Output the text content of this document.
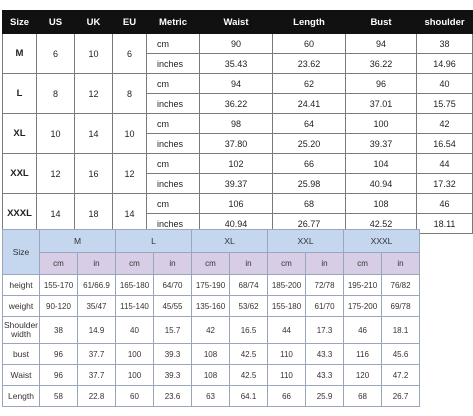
Size	US	UK	EU	Metric	Waist	Length	Bust	shoulder
M	6	10	6	cm	90	60	94	38
				inches	35.43	23.62	36.22	14.96
L	8	12	8	cm	94	62	96	40
				inches	36.22	24.41	37.01	15.75
XL	10	14	10	cm	98	64	100	42
				inches	37.80	25.20	39.37	16.54
XXL	12	16	12	cm	102	66	104	44
				inches	39.37	25.98	40.94	17.32
XXXL	14	18	14	cm	106	68	108	46
				inches	40.94	26.77	42.52	18.11
Size	M		L		XL		XXL		XXXL	
	cm	in	cm	in	cm	in	cm	in	cm	in
height	155-170	61/66.9	165-180	64/70	175-190	68/74	185-200	72/78	195-210	76/82
weight	90-120	35/47	115-140	45/55	135-160	53/62	155-180	61/70	175-200	69/78
Shoulder width	38	14.9	40	15.7	42	16.5	44	17.3	46	18.1
bust	96	37.7	100	39.3	108	42.5	110	43.3	116	45.6
Waist	96	37.7	100	39.3	108	42.5	110	43.3	120	47.2
Length	58	22.8	60	23.6	63	64.1	66	25.9	68	26.7
